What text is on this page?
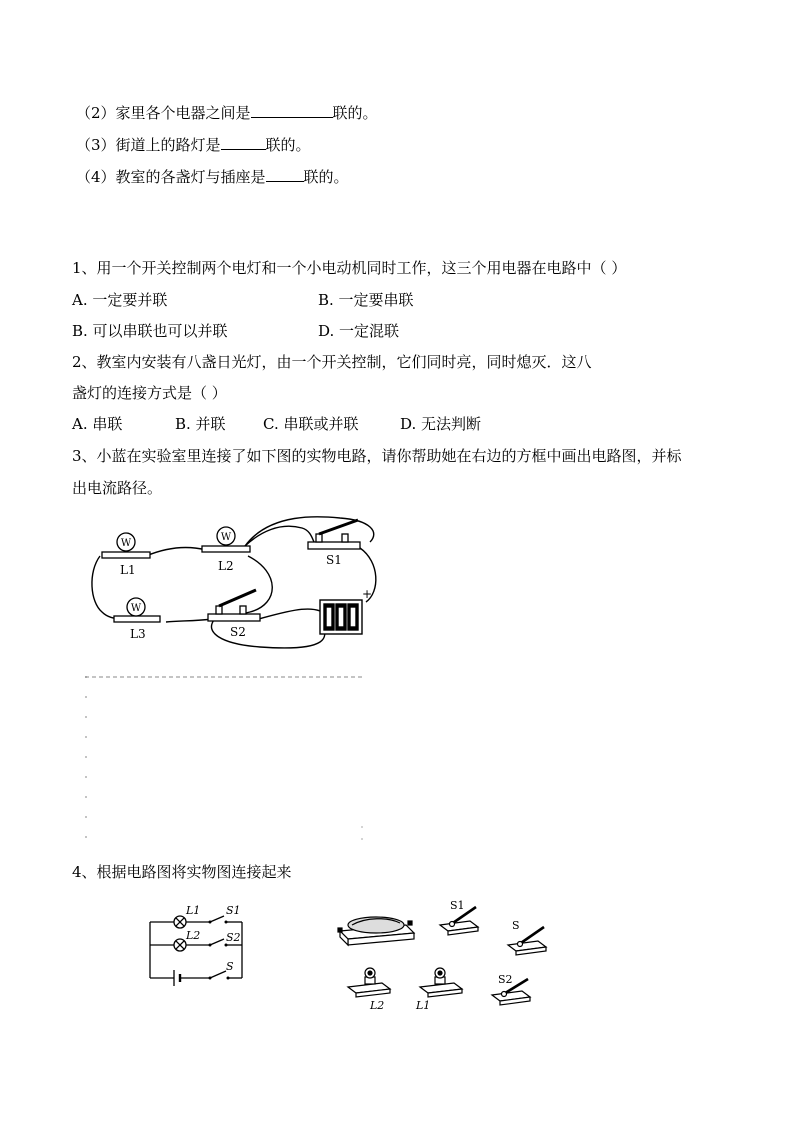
（2）家里各个电器之间是	联的。
（3）街道上的路灯是	联的。
（4）教室的各盏灯与插座是	联的。
1、用一个开关控制两个电灯和一个小电动机同时工作，这三个用电器在电路中（ ）
A. 一定要并联	B. 一定要串联
B. 可以串联也可以并联	D. 一定混联
2、教室内安装有八盏日光灯，由一个开关控制，它们同时亮，同时熄灭．这八
盏灯的连接方式是（ ）
A. 串联	B. 并联 C. 串联或并联	D. 无法判断
3、小蓝在实验室里连接了如下图的实物电路，请你帮助她在右边的方框中画出电路图，并标
出电流路径。
W
L1
W
L2	S1
W
L3	S2
+
4、根据电路图将实物图连接起来
L1 S1
L2 S2
S
S1
S
L2	L1
S2
